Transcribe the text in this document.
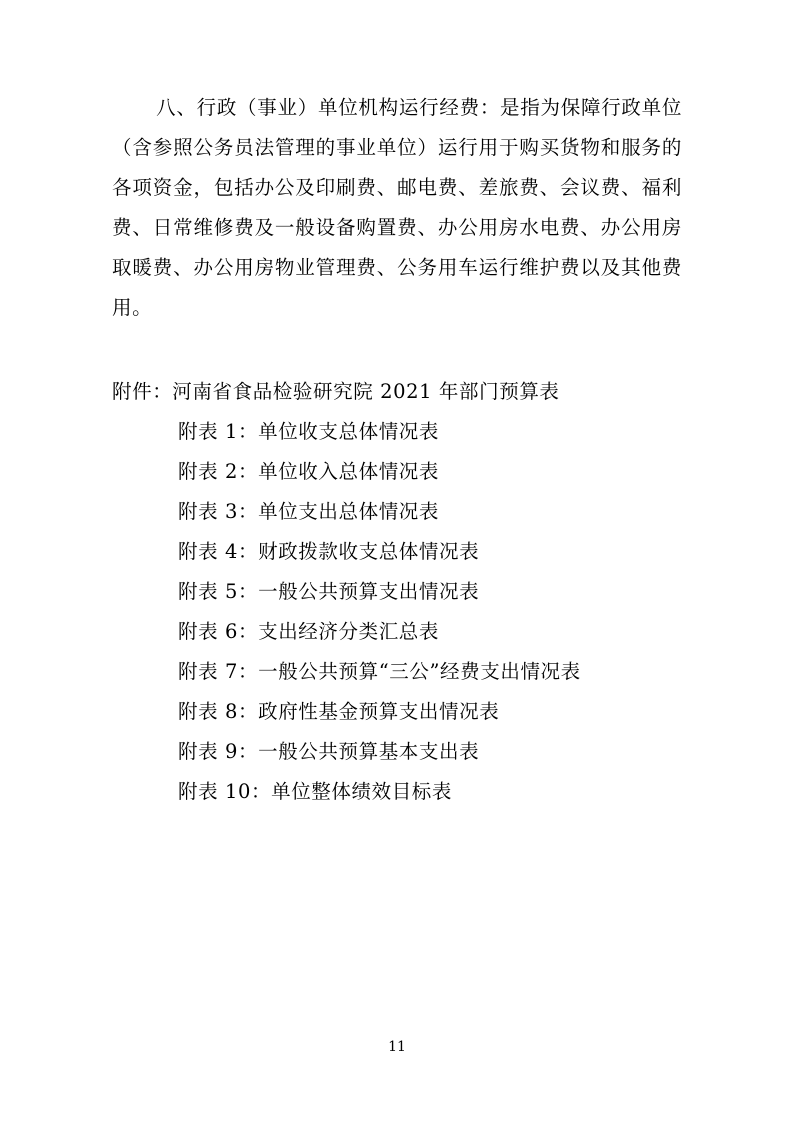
八、行政（事业）单位机构运行经费：是指为保障行政单位（含参照公务员法管理的事业单位）运行用于购买货物和服务的各项资金，包括办公及印刷费、邮电费、差旅费、会议费、福利费、日常维修费及一般设备购置费、办公用房水电费、办公用房取暖费、办公用房物业管理费、公务用车运行维护费以及其他费用。

附件：河南省食品检验研究院 2021 年部门预算表

附表 1：单位收支总体情况表
附表 2：单位收入总体情况表
附表 3：单位支出总体情况表
附表 4：财政拨款收支总体情况表
附表 5：一般公共预算支出情况表
附表 6：支出经济分类汇总表
附表 7：一般公共预算“三公”经费支出情况表
附表 8：政府性基金预算支出情况表
附表 9：一般公共预算基本支出表
附表 10：单位整体绩效目标表
11
